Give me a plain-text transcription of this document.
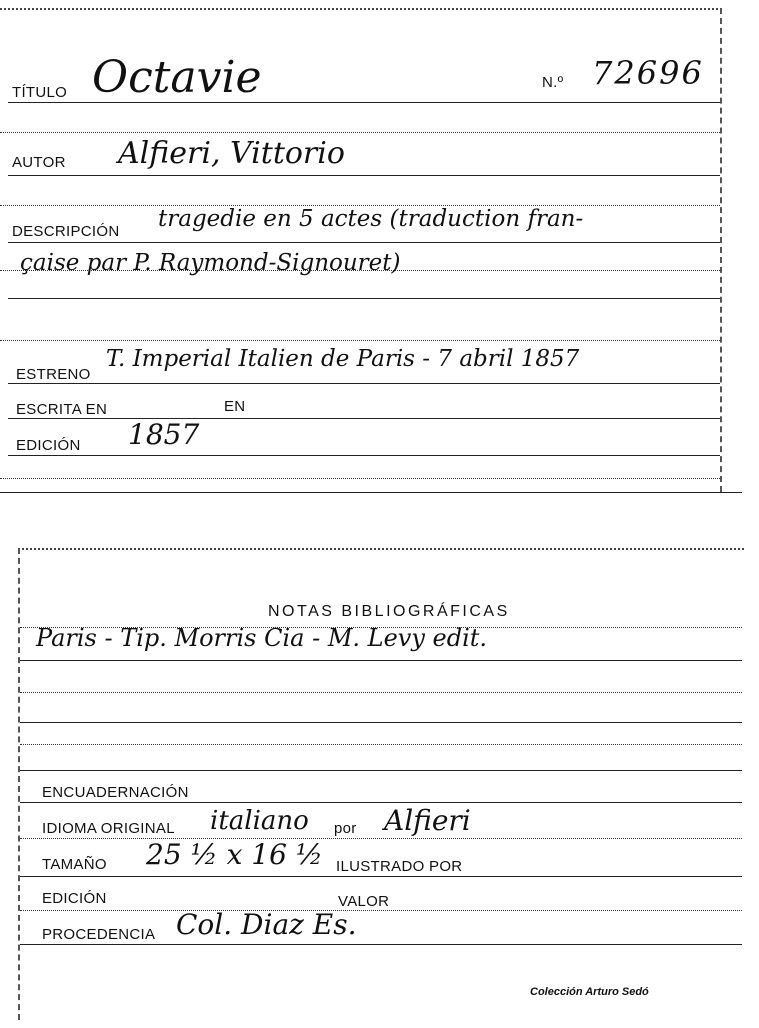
TÍTULO Octavie	N.º 72696
AUTOR Alfieri, Vittorio
DESCRIPCIÓN tragedie en 5 actes (traduction fran-
çaise par P. Raymond-Signouret)
ESTRENO
T. Imperial Italien de Paris - 7 abril 1857
ESCRITA EN	EN
EDICIÓN 1857
NOTAS BIBLIOGRÁFICAS
Paris - Tip. Morris Cia - M. Levy edit.
ENCUADERNACIÓN
IDIOMA ORIGINAL italiano por Alfieri
TAMAÑO 25 ½ x 16 ½ ILUSTRADO POR
EDICIÓN	VALOR
PROCEDENCIA Col. Diaz Es.
Colección Arturo Sedó
